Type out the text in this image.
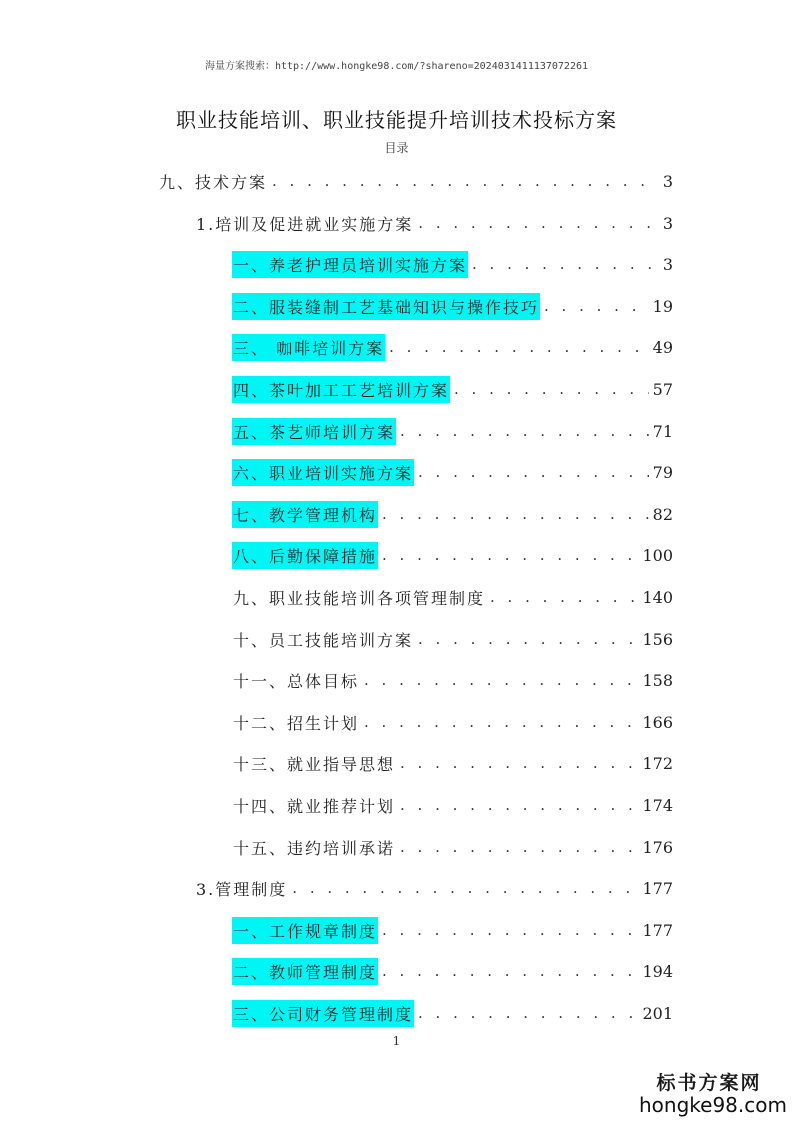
海量方案搜索：http://www.hongke98.com/?shareno=2024031411137072261
职业技能培训、职业技能提升培训技术投标方案
目录
九、技术方案 . . .	3
1.培训及促进就业实施方案 . . .	3
一、养老护理员培训实施方案 . . .	3
二、服装缝制工艺基础知识与操作技巧 . . .	19
三、 咖啡培训方案 . . .	49
四、茶叶加工工艺培训方案 . . .	57
五、茶艺师培训方案 . . .	71
六、职业培训实施方案 . . .	79
七、教学管理机构 . . .	82
八、后勤保障措施 . . .	100
九、职业技能培训各项管理制度 . . .	140
十、员工技能培训方案 . . .	156
十一、总体目标 . . .	158
十二、招生计划 . . .	166
十三、就业指导思想 . . .	172
十四、就业推荐计划 . . .	174
十五、违约培训承诺 . . .	176
3.管理制度 . . .	177
一、工作规章制度 . . .	177
二、教师管理制度 . . .	194
三、公司财务管理制度 . . .	201
1
标书方案网
hongke98.com
